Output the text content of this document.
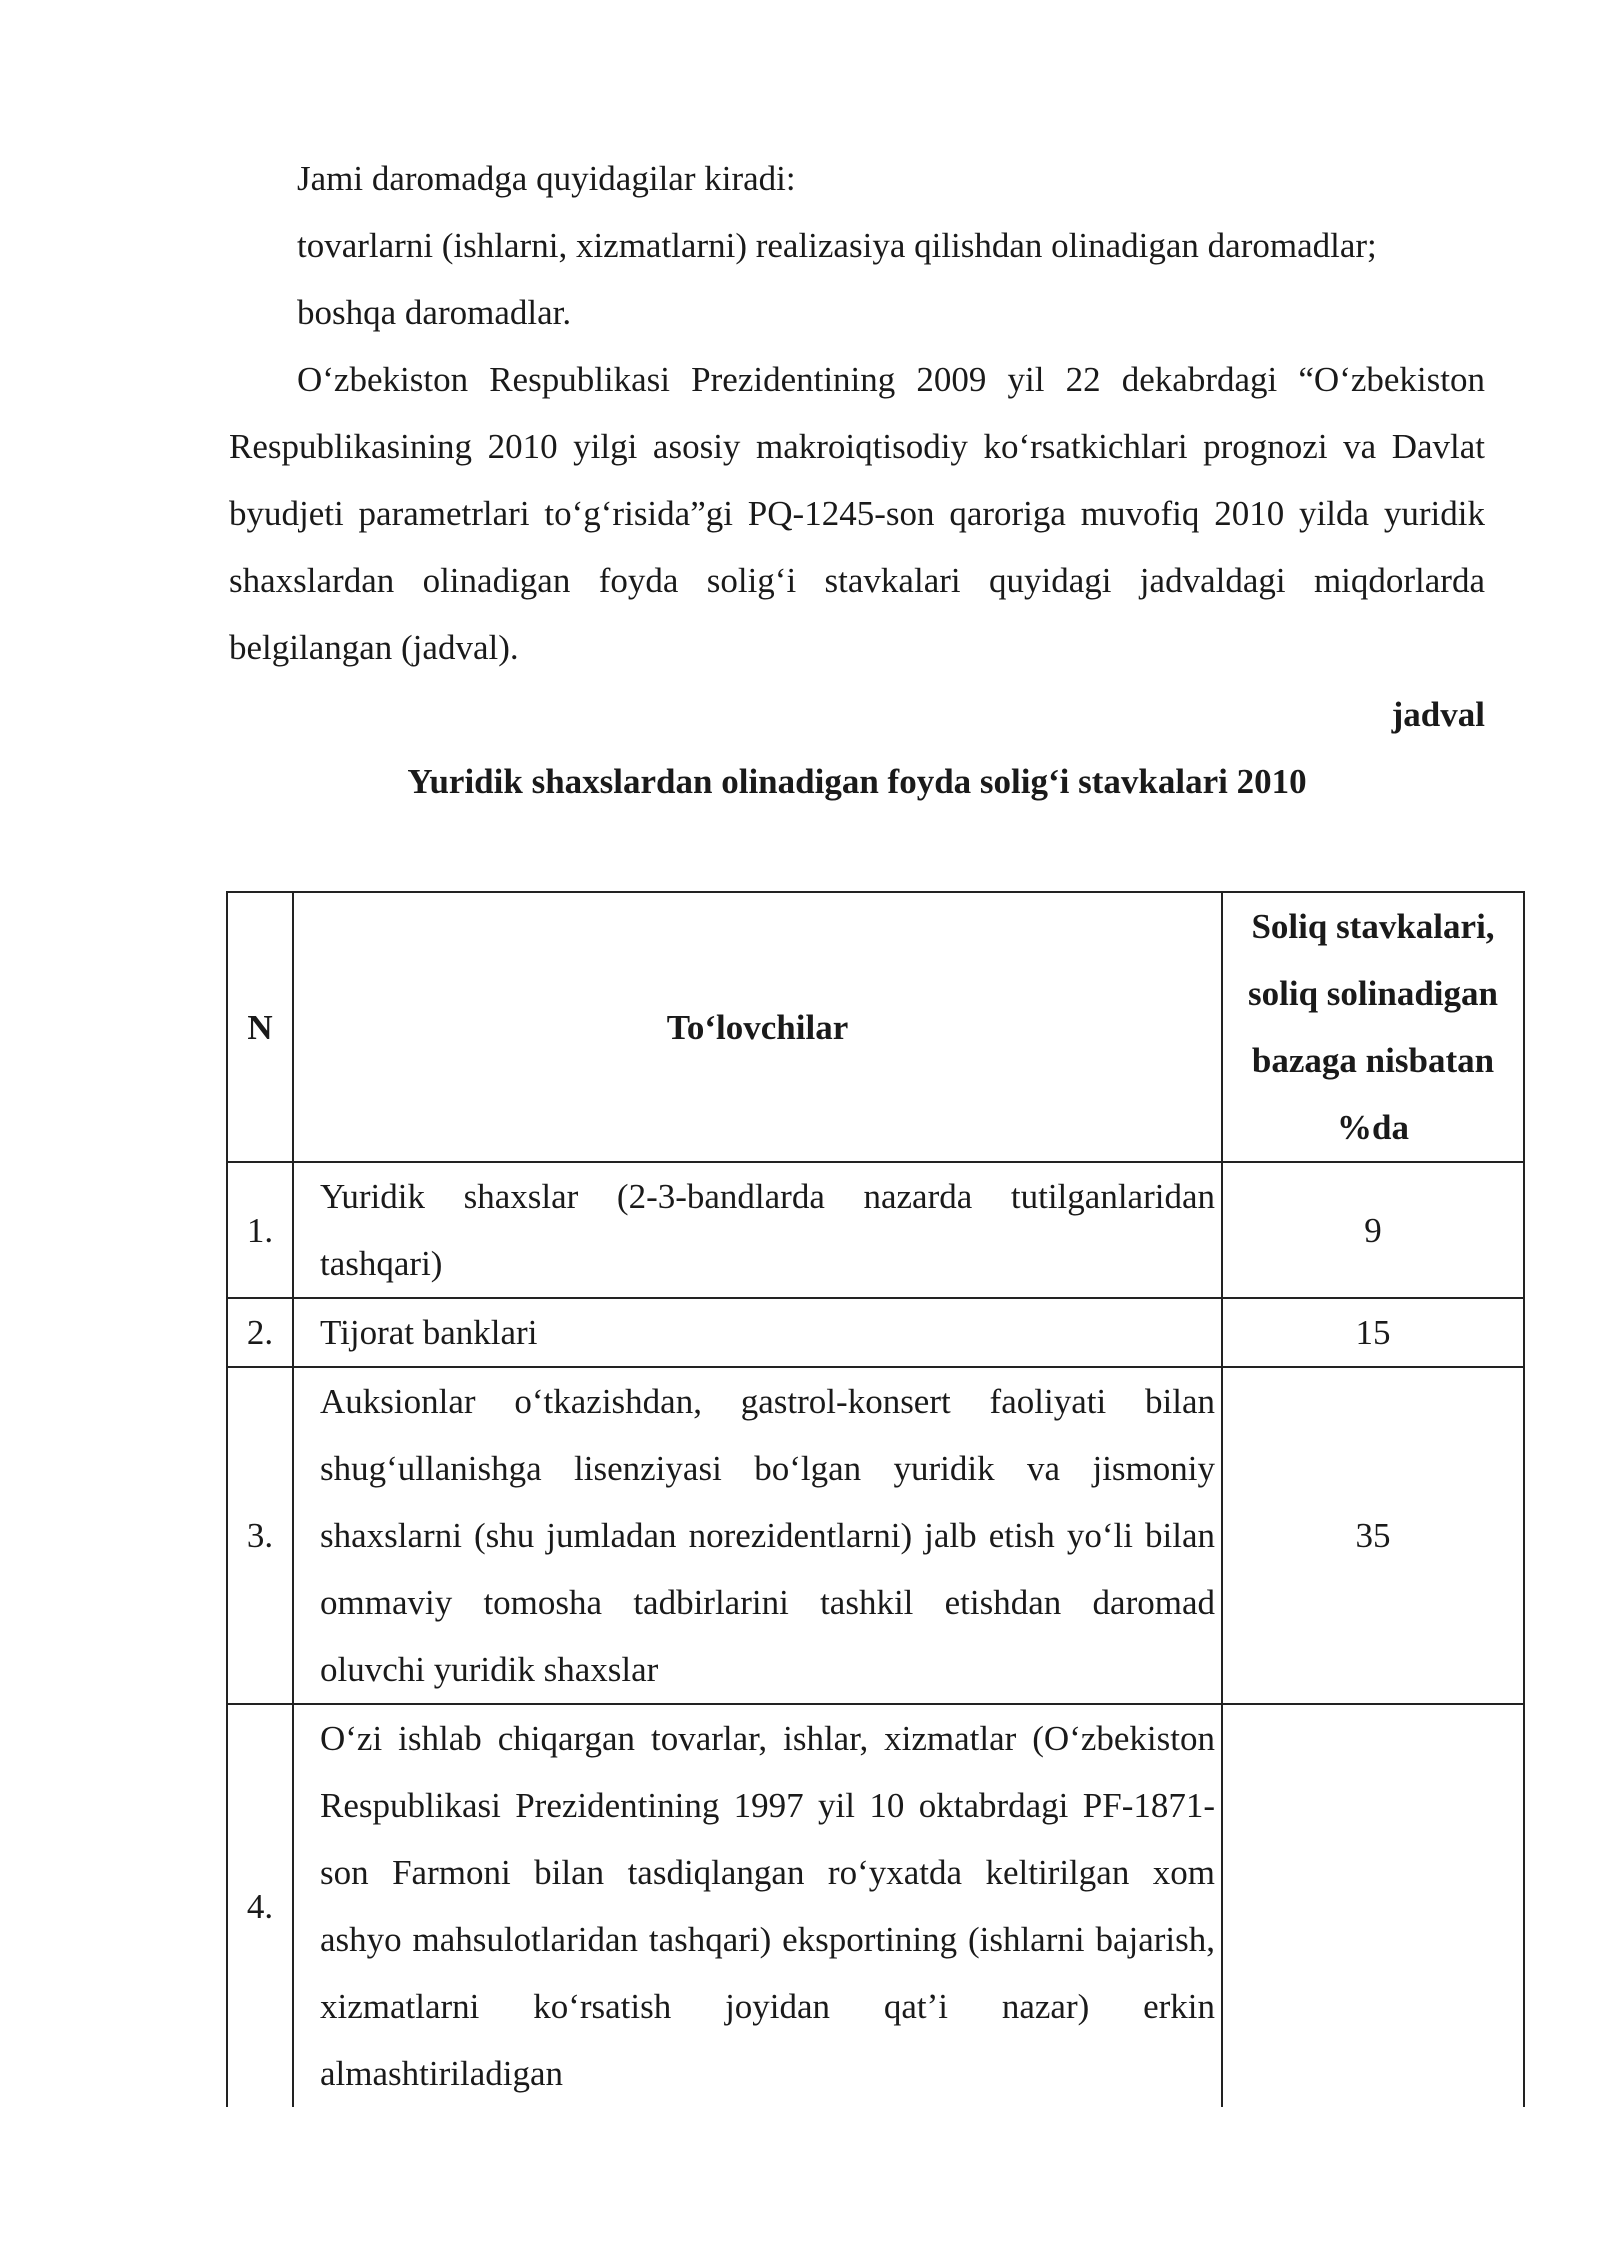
Jami daromadga quyidagilar kiradi:

tovarlarni (ishlarni, xizmatlarni) realizasiya qilishdan olinadigan daromadlar;

boshqa daromadlar.

Oʻzbekiston Respublikasi Prezidentining 2009 yil 22 dekabrdagi “Oʻzbekiston Respublikasining 2010 yilgi asosiy makroiqtisodiy koʻrsatkichlari prognozi va Davlat byudjeti parametrlari toʻgʻrisida”gi PQ-1245-son qaroriga muvofiq 2010 yilda yuridik shaxslardan olinadigan foyda soligʻi stavkalari quyidagi jadvaldagi miqdorlarda belgilangan (jadval).

jadval

Yuridik shaxslardan olinadigan foyda soligʻi stavkalari 2010

N	Toʻlovchilar	Soliq stavkalari,
soliq solinadigan
bazaga nisbatan
%da

1.	Yuridik shaxslar (2-3-bandlarda nazarda tutilganlaridan tashqari)	9
2.	Tijorat banklari	15
3.	Auksionlar oʻtkazishdan, gastrol-konsert faoliyati bilan shugʻullanishga lisenziyasi boʻlgan yuridik va jismoniy shaxslarni (shu jumladan norezidentlarni) jalb etish yoʻli bilan ommaviy tomosha tadbirlarini tashkil etishdan daromad oluvchi yuridik shaxslar	35
4.	Oʻzi ishlab chiqargan tovarlar, ishlar, xizmatlar (Oʻzbekiston Respublikasi Prezidentining 1997 yil 10 oktabrdagi PF-1871-son Farmoni bilan tasdiqlangan roʻyxatda keltirilgan xom ashyo mahsulotlaridan tashqari) eksportining (ishlarni bajarish, xizmatlarni koʻrsatish joyidan qatʼi nazar) erkin almashtiriladigan	
